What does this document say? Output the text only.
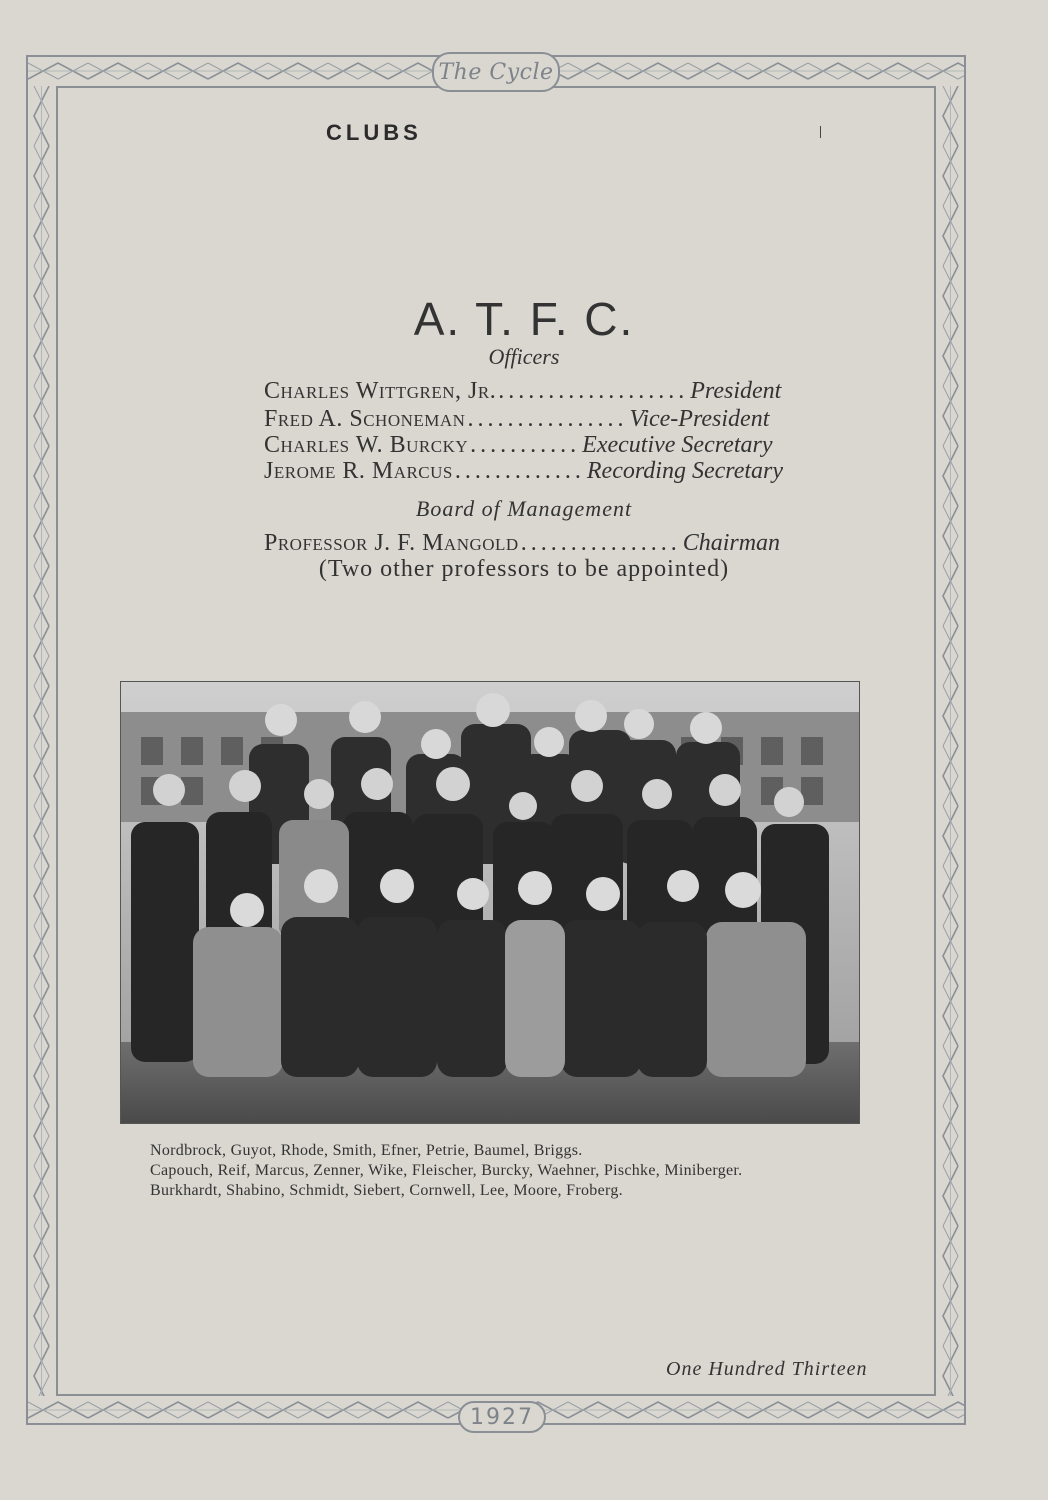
The Cycle
1927
CLUBS
A. T. F. C.
Officers
Charles Wittgren, Jr. ................... President
Fred A. Schoneman ................ Vice-President
Charles W. Burcky ........... Executive Secretary
Jerome R. Marcus ............. Recording Secretary
Board of Management
Professor J. F. Mangold ................ Chairman
(Two other professors to be appointed)
Nordbrock, Guyot, Rhode, Smith, Efner, Petrie, Baumel, Briggs.
Capouch, Reif, Marcus, Zenner, Wike, Fleischer, Burcky, Waehner, Pischke, Miniberger.
Burkhardt, Shabino, Schmidt, Siebert, Cornwell, Lee, Moore, Froberg.
One Hundred Thirteen
